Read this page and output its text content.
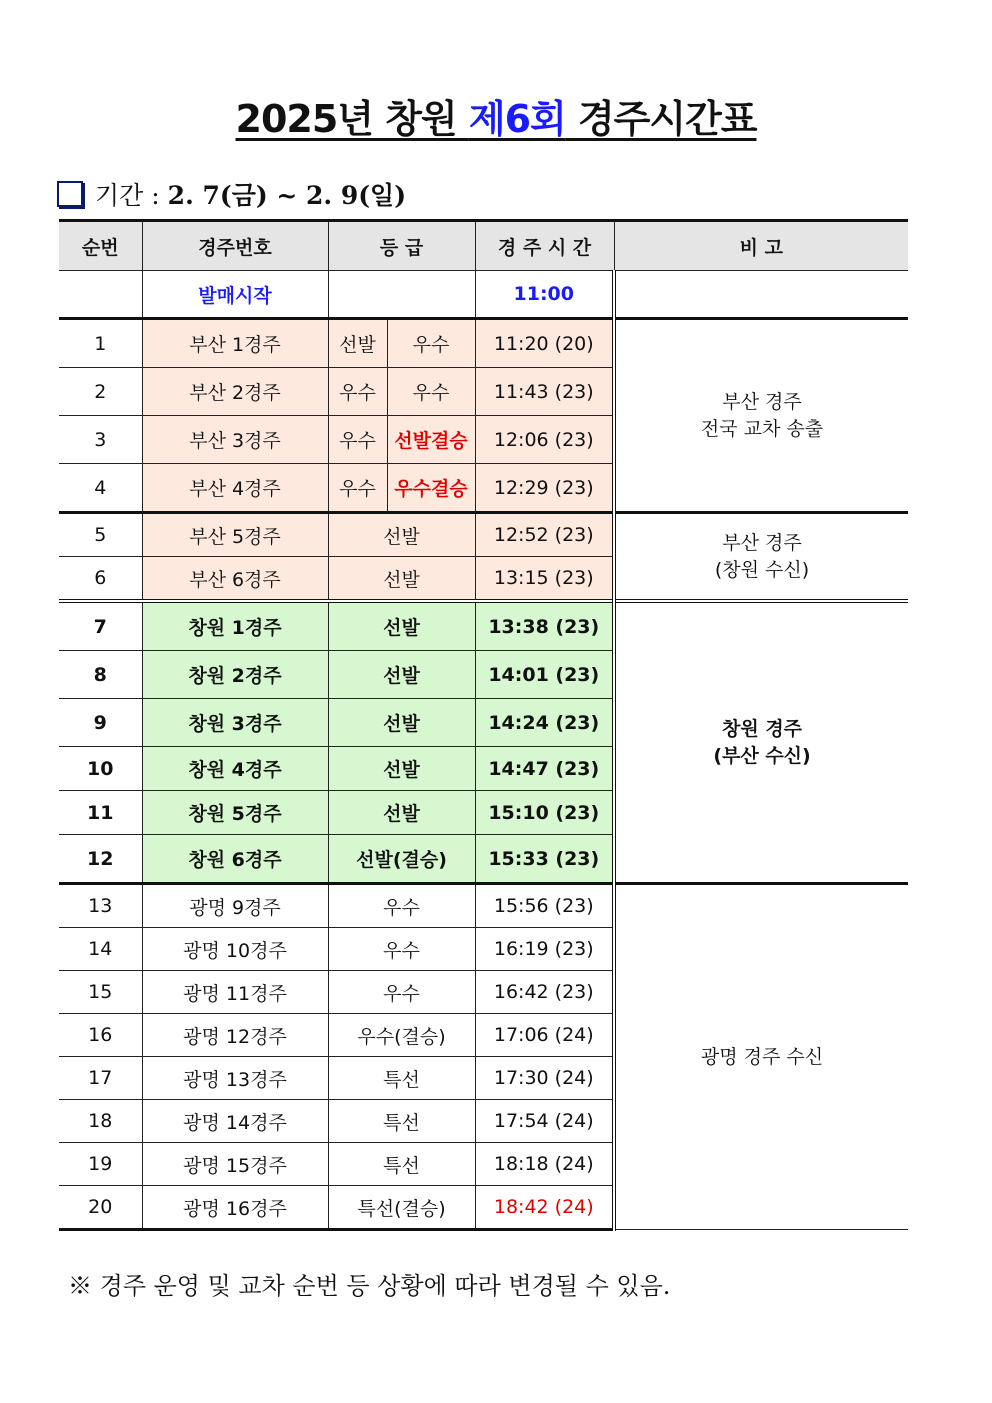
2025년 창원 제6회 경주시간표
기간 : 2. 7(금) ~ 2. 9(일)
순번	경주번호	등 급		경 주 시 간	비 고
	발매시작			11:00	
1	부산 1경주	선발	우수	11:20 (20)	부산 경주
전국 교차 송출
2	부산 2경주	우수	우수	11:43 (23)	
3	부산 3경주	우수	선발결승	12:06 (23)	
4	부산 4경주	우수	우수결승	12:29 (23)	
5	부산 5경주	선발		12:52 (23)	부산 경주
(창원 수신)
6	부산 6경주	선발		13:15 (23)	
7	창원 1경주	선발		13:38 (23)	창원 경주
(부산 수신)
8	창원 2경주	선발		14:01 (23)	
9	창원 3경주	선발		14:24 (23)	
10	창원 4경주	선발		14:47 (23)	
11	창원 5경주	선발		15:10 (23)	
12	창원 6경주	선발(결승)		15:33 (23)	
13	광명 9경주	우수		15:56 (23)	광명 경주 수신
14	광명 10경주	우수		16:19 (23)	
15	광명 11경주	우수		16:42 (23)	
16	광명 12경주	우수(결승)		17:06 (24)	
17	광명 13경주	특선		17:30 (24)	
18	광명 14경주	특선		17:54 (24)	
19	광명 15경주	특선		18:18 (24)	
20	광명 16경주	특선(결승)		18:42 (24)	
※ 경주 운영 및 교차 순번 등 상황에 따라 변경될 수 있음.
